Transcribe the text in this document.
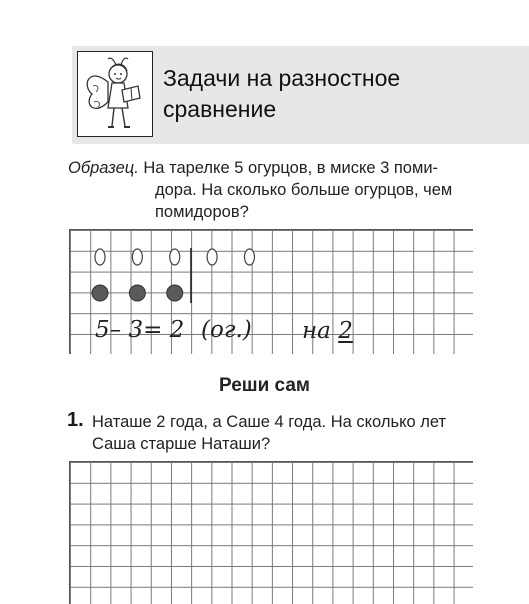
Задачи на разностное
сравнение
Образец. На тарелке 5 огурцов, в миске 3 поми-
дора. На сколько больше огурцов, чем
помидоров?
5– 3= 2 (ог.) на 2
Реши сам
1. Наташе 2 года, а Саше 4 года. На сколько лет
Саша старше Наташи?
